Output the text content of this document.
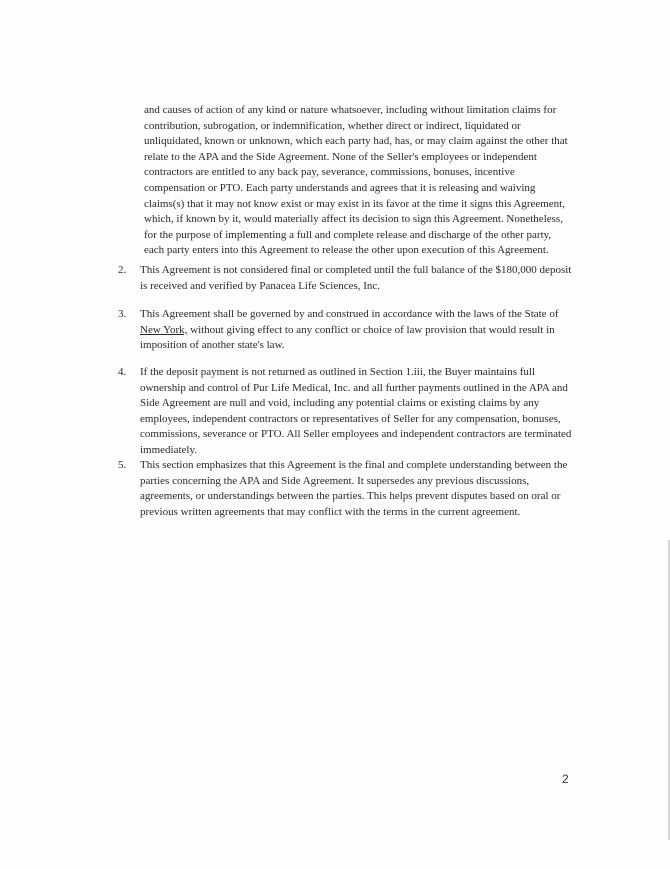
and causes of action of any kind or nature whatsoever, including without limitation claims for contribution, subrogation, or indemnification, whether direct or indirect, liquidated or unliquidated, known or unknown, which each party had, has, or may claim against the other that relate to the APA and the Side Agreement. None of the Seller's employees or independent contractors are entitled to any back pay, severance, commissions, bonuses, incentive compensation or PTO. Each party understands and agrees that it is releasing and waiving claims(s) that it may not know exist or may exist in its favor at the time it signs this Agreement, which, if known by it, would materially affect its decision to sign this Agreement. Nonetheless, for the purpose of implementing a full and complete release and discharge of the other party, each party enters into this Agreement to release the other upon execution of this Agreement.

2.	This Agreement is not considered final or completed until the full balance of the $180,000 deposit is received and verified by Panacea Life Sciences, Inc.
3.	This Agreement shall be governed by and construed in accordance with the laws of the State of New York, without giving effect to any conflict or choice of law provision that would result in imposition of another state's law.
4.	If the deposit payment is not returned as outlined in Section 1.iii, the Buyer maintains full ownership and control of Pur Life Medical, Inc. and all further payments outlined in the APA and Side Agreement are null and void, including any potential claims or existing claims by any employees, independent contractors or representatives of Seller for any compensation, bonuses, commissions, severance or PTO. All Seller employees and independent contractors are terminated immediately.
5.	This section emphasizes that this Agreement is the final and complete understanding between the parties concerning the APA and Side Agreement. It supersedes any previous discussions, agreements, or understandings between the parties. This helps prevent disputes based on oral or previous written agreements that may conflict with the terms in the current agreement.
2
